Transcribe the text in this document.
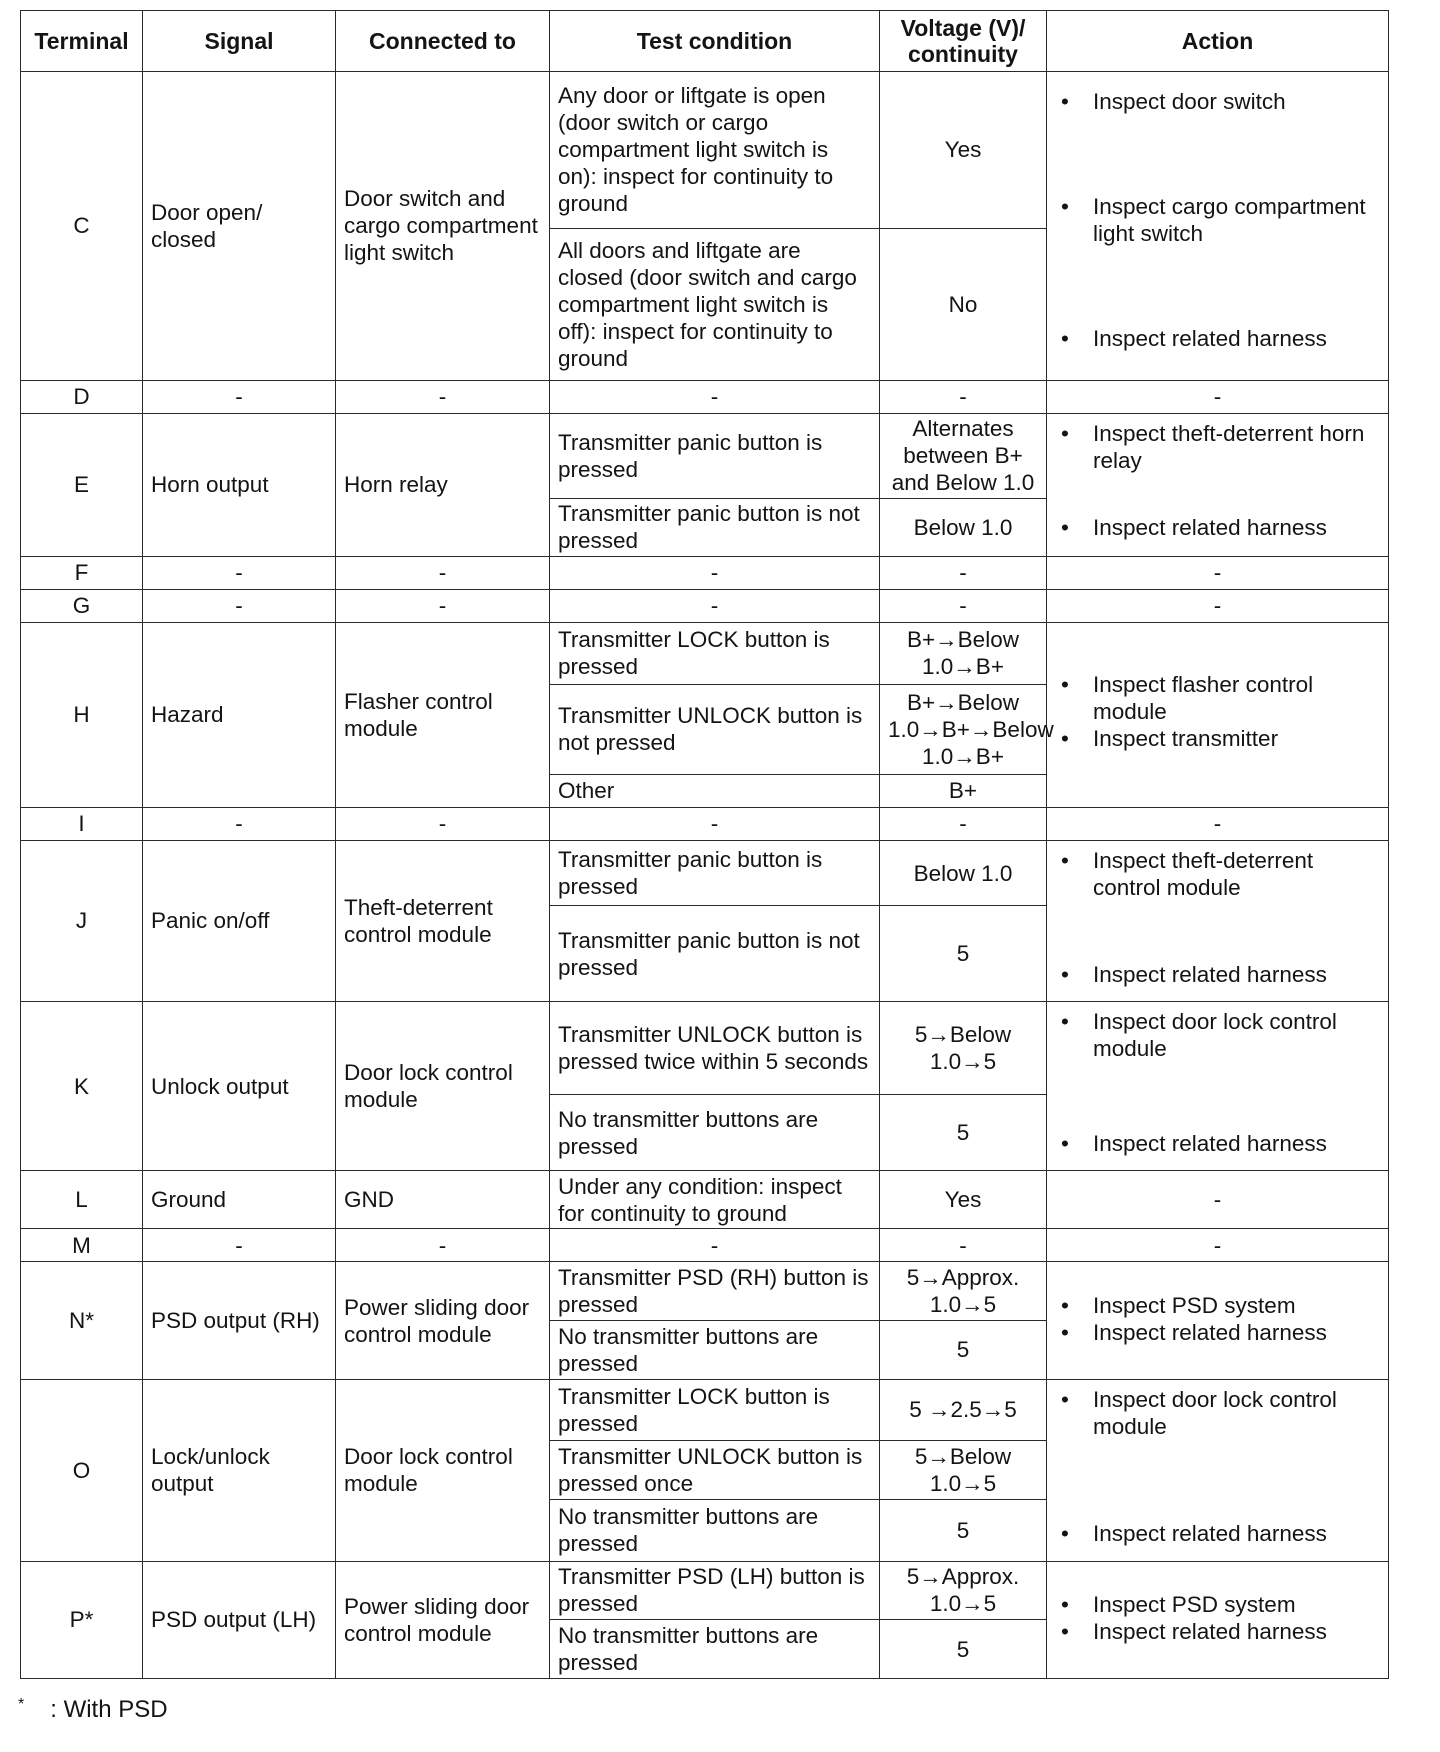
Terminal	Signal	Connected to	Test condition	Voltage (V)/ continuity	Action
C	Door open/ closed	Door switch and cargo compartment light switch	Any door or liftgate is open (door switch or cargo compartment light switch is on): inspect for continuity to ground	Yes	• Inspect door switch
• Inspect cargo compartment light switch
• Inspect related harness

			All doors and liftgate are closed (door switch and cargo compartment light switch is off): inspect for continuity to ground	No	
D	-	-	-	-	-
E	Horn output	Horn relay	Transmitter panic button is pressed	Alternates between B+ and Below 1.0	• Inspect theft-deterrent horn relay
• Inspect related harness

			Transmitter panic button is not pressed	Below 1.0	
F	-	-	-	-	-
G	-	-	-	-	-
H	Hazard	Flasher control module	Transmitter LOCK button is pressed	B+→Below 1.0→B+	• Inspect flasher control module
• Inspect transmitter

			Transmitter UNLOCK button is not pressed	B+→Below 1.0→B+→Below 1.0→B+	
			Other	B+	
I	-	-	-	-	-
J	Panic on/off	Theft-deterrent control module	Transmitter panic button is pressed	Below 1.0	• Inspect theft-deterrent control module
• Inspect related harness

			Transmitter panic button is not pressed	5	
K	Unlock output	Door lock control module	Transmitter UNLOCK button is pressed twice within 5 seconds	5→Below 1.0→5	• Inspect door lock control module
• Inspect related harness

			No transmitter buttons are pressed	5	
L	Ground	GND	Under any condition: inspect for continuity to ground	Yes	-
M	-	-	-	-	-
N*	PSD output (RH)	Power sliding door control module	Transmitter PSD (RH) button is pressed	5→Approx. 1.0→5	• Inspect PSD system
• Inspect related harness

			No transmitter buttons are pressed	5	
O	Lock/unlock output	Door lock control module	Transmitter LOCK button is pressed	5 →2.5→5	• Inspect door lock control module
• Inspect related harness

			Transmitter UNLOCK button is pressed once	5→Below 1.0→5	
			No transmitter buttons are pressed	5	
P*	PSD output (LH)	Power sliding door control module	Transmitter PSD (LH) button is pressed	5→Approx. 1.0→5	• Inspect PSD system
• Inspect related harness

			No transmitter buttons are pressed	5	
* : With PSD
